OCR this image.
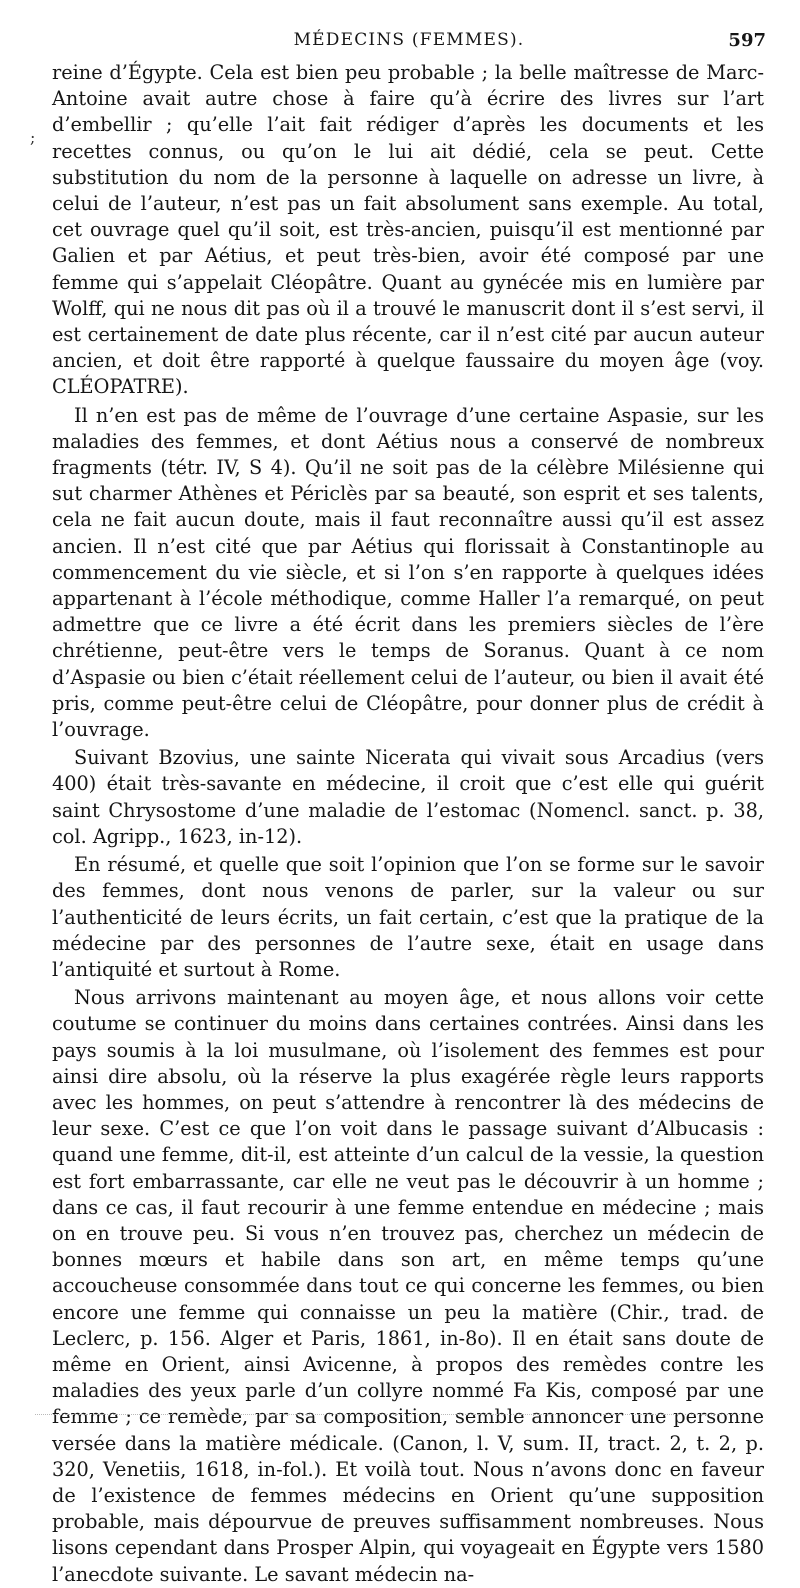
MÉDECINS (FEMMES).	597
;

reine d’Égypte. Cela est bien peu probable ; la belle maîtresse de Marc-Antoine avait autre chose à faire qu’à écrire des livres sur l’art d’embellir ; qu’elle l’ait fait rédiger d’après les documents et les recettes connus, ou qu’on le lui ait dédié, cela se peut. Cette substitution du nom de la personne à laquelle on adresse un livre, à celui de l’auteur, n’est pas un fait absolument sans exemple. Au total, cet ouvrage quel qu’il soit, est très-ancien, puisqu’il est mentionné par Galien et par Aétius, et peut très-bien, avoir été composé par une femme qui s’appelait Cléopâtre. Quant au gynécée mis en lumière par Wolff, qui ne nous dit pas où il a trouvé le manuscrit dont il s’est servi, il est certainement de date plus récente, car il n’est cité par aucun auteur ancien, et doit être rapporté à quelque faussaire du moyen âge (voy. CLÉOPATRE).

Il n’en est pas de même de l’ouvrage d’une certaine Aspasie, sur les maladies des femmes, et dont Aétius nous a conservé de nombreux fragments (tétr. IV, S 4). Qu’il ne soit pas de la célèbre Milésienne qui sut charmer Athènes et Périclès par sa beauté, son esprit et ses talents, cela ne fait aucun doute, mais il faut reconnaître aussi qu’il est assez ancien. Il n’est cité que par Aétius qui florissait à Constantinople au commencement du vie siècle, et si l’on s’en rapporte à quelques idées appartenant à l’école méthodique, comme Haller l’a remarqué, on peut admettre que ce livre a été écrit dans les premiers siècles de l’ère chrétienne, peut-être vers le temps de Soranus. Quant à ce nom d’Aspasie ou bien c’était réellement celui de l’auteur, ou bien il avait été pris, comme peut-être celui de Cléopâtre, pour donner plus de crédit à l’ouvrage.

Suivant Bzovius, une sainte Nicerata qui vivait sous Arcadius (vers 400) était très-savante en médecine, il croit que c’est elle qui guérit saint Chrysostome d’une maladie de l’estomac (Nomencl. sanct. p. 38, col. Agripp., 1623, in-12).

En résumé, et quelle que soit l’opinion que l’on se forme sur le savoir des femmes, dont nous venons de parler, sur la valeur ou sur l’authenticité de leurs écrits, un fait certain, c’est que la pratique de la médecine par des personnes de l’autre sexe, était en usage dans l’antiquité et surtout à Rome.

Nous arrivons maintenant au moyen âge, et nous allons voir cette coutume se continuer du moins dans certaines contrées. Ainsi dans les pays soumis à la loi musulmane, où l’isolement des femmes est pour ainsi dire absolu, où la réserve la plus exagérée règle leurs rapports avec les hommes, on peut s’attendre à rencontrer là des médecins de leur sexe. C’est ce que l’on voit dans le passage suivant d’Albucasis : quand une femme, dit-il, est atteinte d’un calcul de la vessie, la question est fort embarrassante, car elle ne veut pas le découvrir à un homme ; dans ce cas, il faut recourir à une femme entendue en médecine ; mais on en trouve peu. Si vous n’en trouvez pas, cherchez un médecin de bonnes mœurs et habile dans son art, en même temps qu’une accoucheuse consommée dans tout ce qui concerne les femmes, ou bien encore une femme qui connaisse un peu la matière (Chir., trad. de Leclerc, p. 156. Alger et Paris, 1861, in-8o). Il en était sans doute de même en Orient, ainsi Avicenne, à propos des remèdes contre les maladies des yeux parle d’un collyre nommé Fa Kis, composé par une femme ; ce remède, par sa composition, semble annoncer une personne versée dans la matière médicale. (Canon, l. V, sum. II, tract. 2, t. 2, p. 320, Venetiis, 1618, in-fol.). Et voilà tout. Nous n’avons donc en faveur de l’existence de femmes médecins en Orient qu’une supposition probable, mais dépourvue de preuves suffisamment nombreuses. Nous lisons cependant dans Prosper Alpin, qui voyageait en Égypte vers 1580 l’anecdote suivante. Le savant médecin na-
